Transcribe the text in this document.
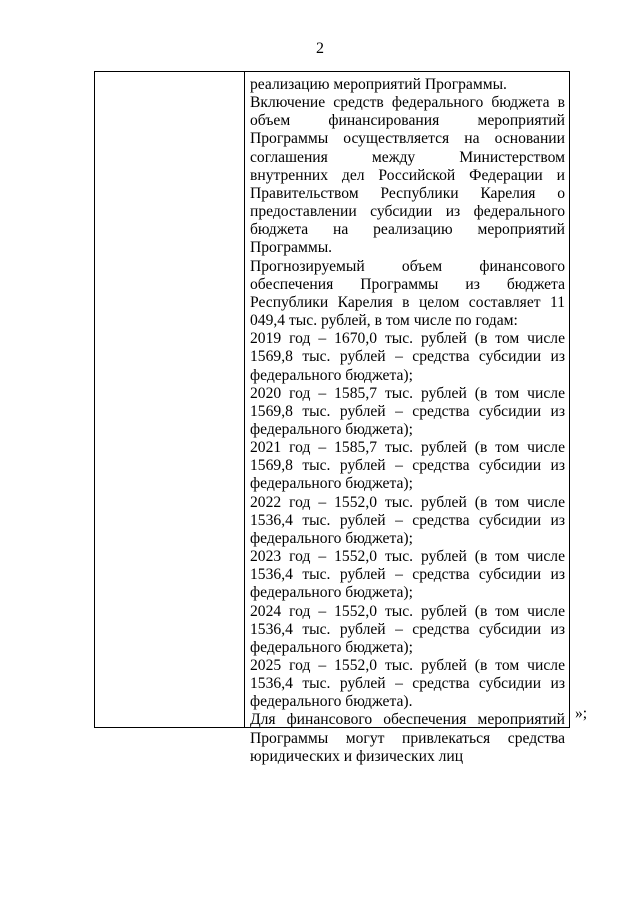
2

реализацию мероприятий Программы.
Включение средств федерального бюджета в объем финансирования мероприятий Программы осуществляется на основании соглашения между Министерством внутренних дел Российской Федерации и Правительством Республики Карелия о предоставлении субсидии из федерального бюджета на реализацию мероприятий Программы.

Прогнозируемый объем финансового обеспечения Программы из бюджета Республики Карелия в целом составляет 11 049,4 тыс. рублей, в том числе по годам:

2019 год – 1670,0 тыс. рублей (в том числе 1569,8 тыс. рублей – средства субсидии из федерального бюджета);

2020 год – 1585,7 тыс. рублей (в том числе 1569,8 тыс. рублей – средства субсидии из федерального бюджета);

2021 год – 1585,7 тыс. рублей (в том числе 1569,8 тыс. рублей – средства субсидии из федерального бюджета);

2022 год – 1552,0 тыс. рублей (в том числе 1536,4 тыс. рублей – средства субсидии из федерального бюджета);

2023 год – 1552,0 тыс. рублей (в том числе 1536,4 тыс. рублей – средства субсидии из федерального бюджета);

2024 год – 1552,0 тыс. рублей (в том числе 1536,4 тыс. рублей – средства субсидии из федерального бюджета);

2025 год – 1552,0 тыс. рублей (в том числе 1536,4 тыс. рублей – средства субсидии из федерального бюджета).

Для финансового обеспечения мероприятий Программы могут привлекаться средства юридических и физических лиц

»;
